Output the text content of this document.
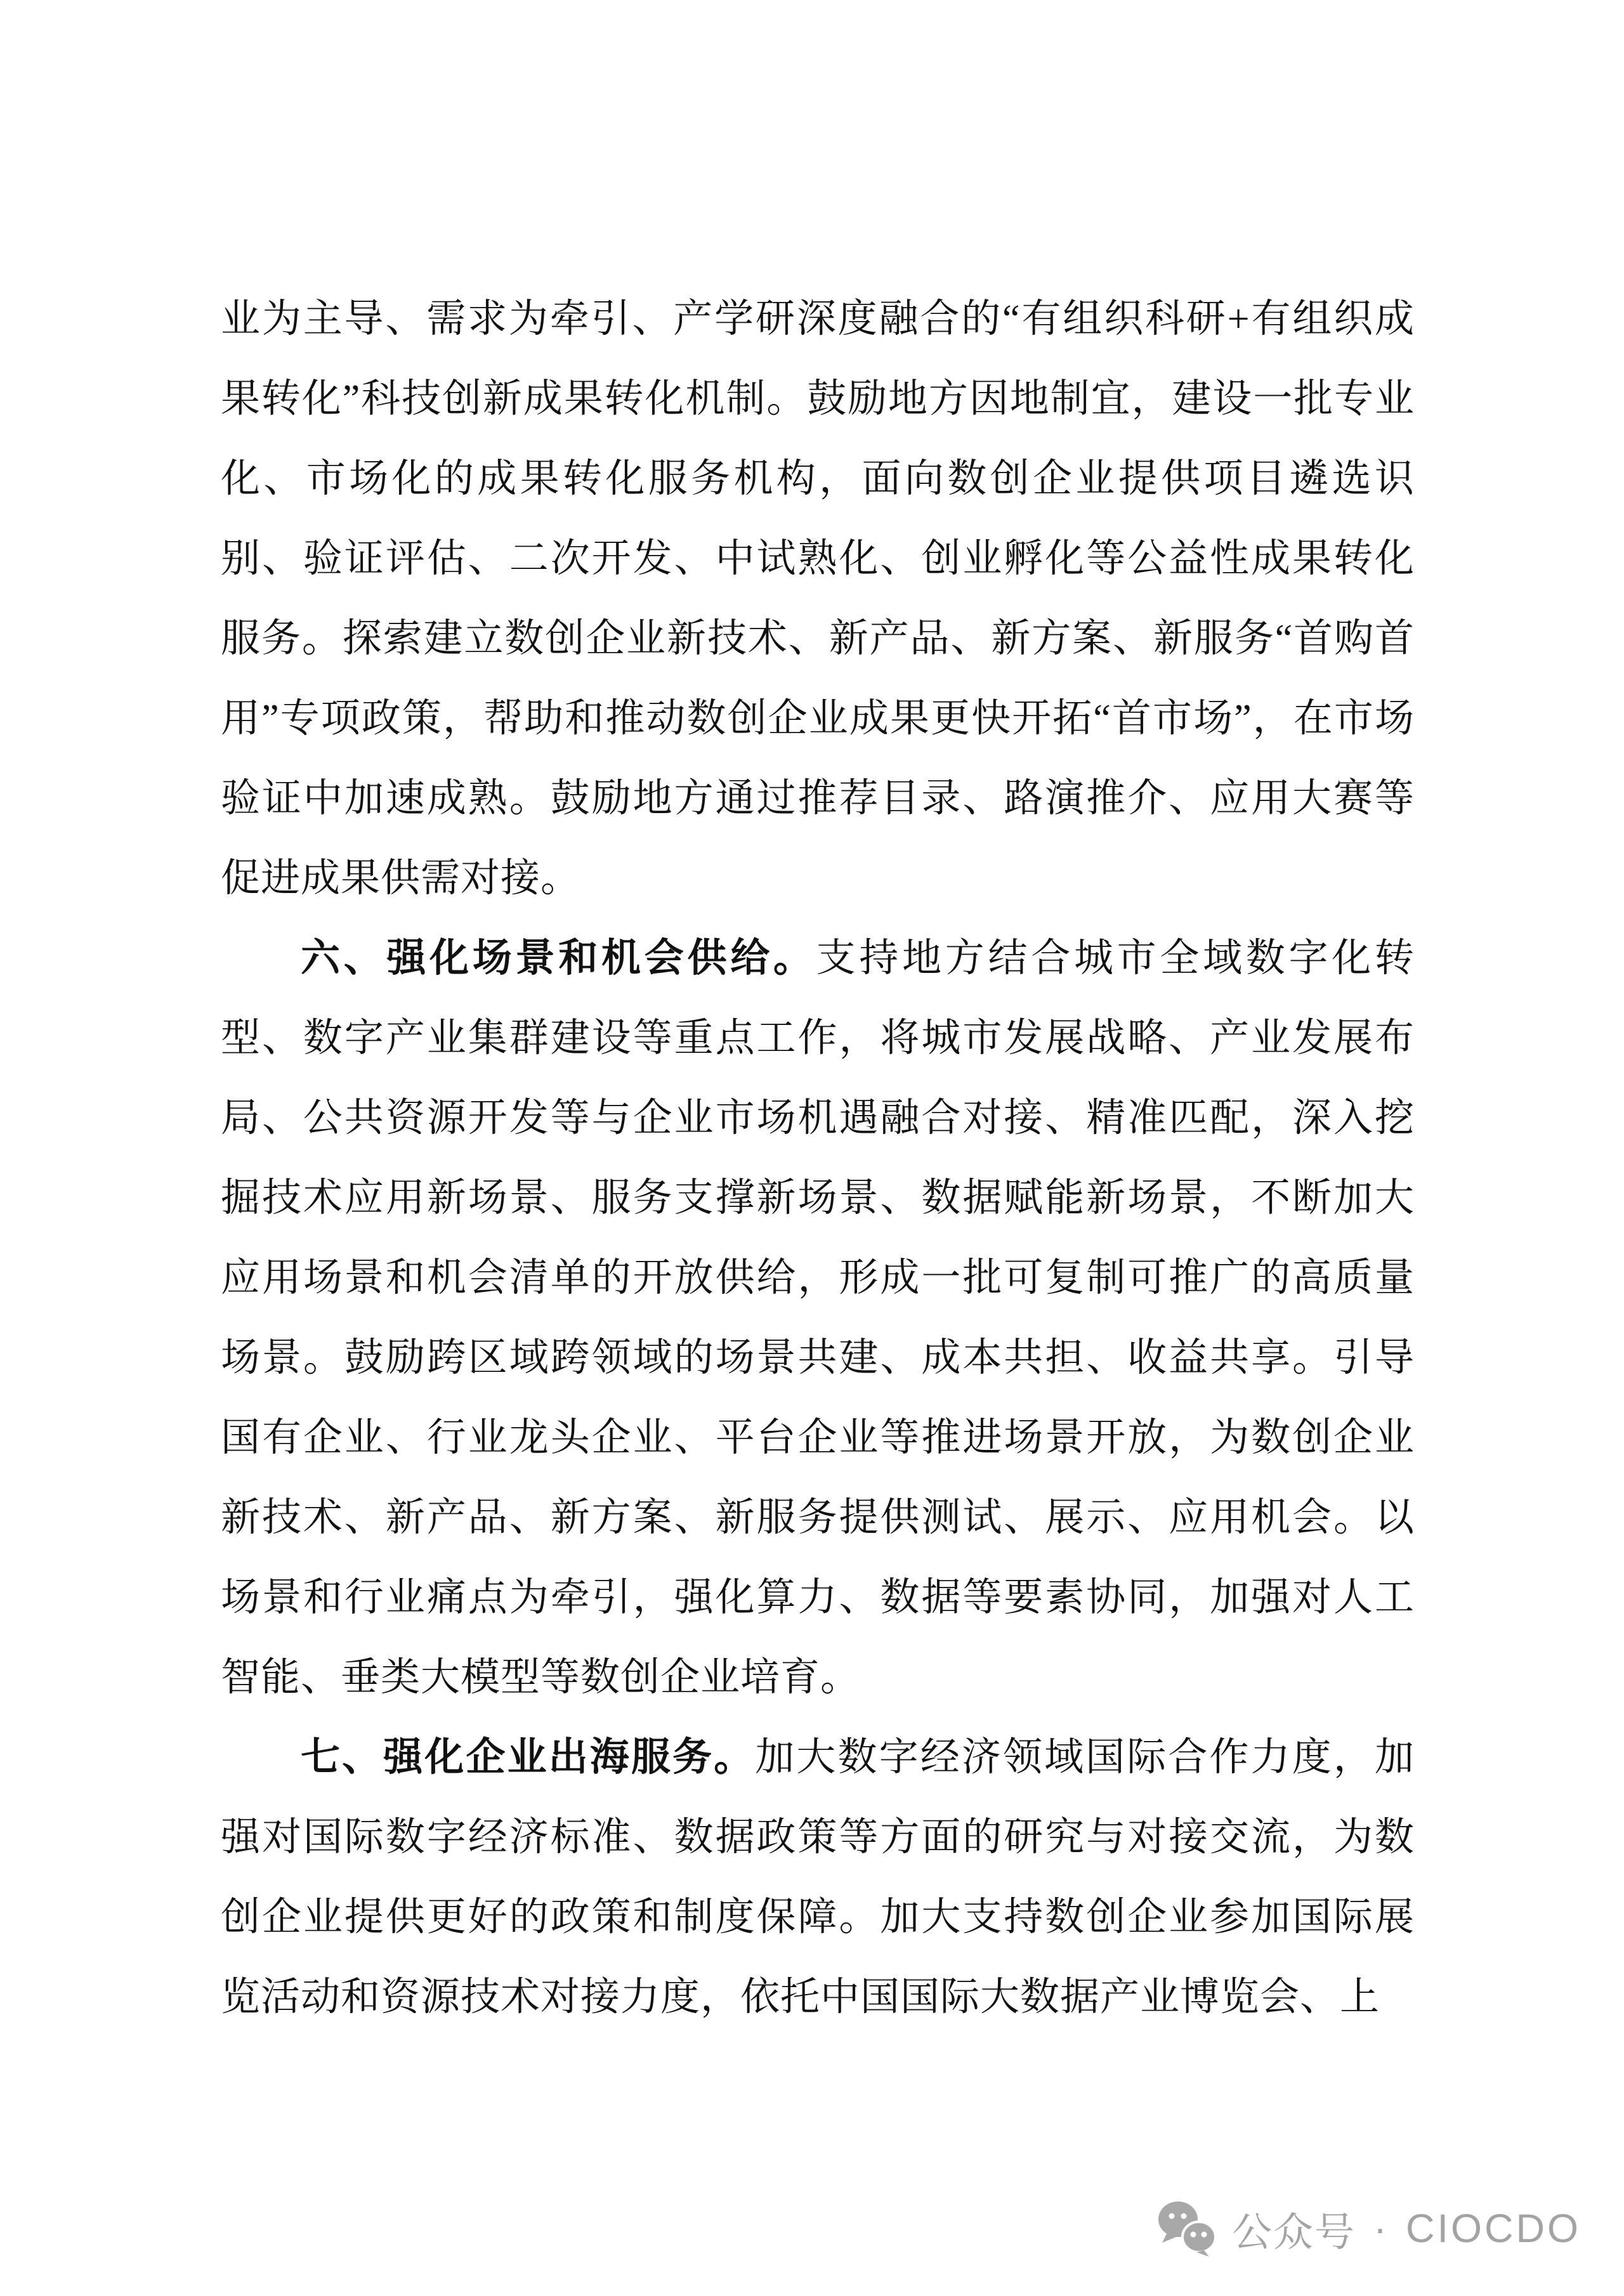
业为主导、需求为牵引、产学研深度融合的“有组织科研+有组织成果转化”科技创新成果转化机制。鼓励地方因地制宜，建设一批专业化、市场化的成果转化服务机构，面向数创企业提供项目遴选识别、验证评估、二次开发、中试熟化、创业孵化等公益性成果转化服务。探索建立数创企业新技术、新产品、新方案、新服务“首购首用”专项政策，帮助和推动数创企业成果更快开拓“首市场”，在市场验证中加速成熟。鼓励地方通过推荐目录、路演推介、应用大赛等促进成果供需对接。

六、强化场景和机会供给。支持地方结合城市全域数字化转型、数字产业集群建设等重点工作，将城市发展战略、产业发展布局、公共资源开发等与企业市场机遇融合对接、精准匹配，深入挖掘技术应用新场景、服务支撑新场景、数据赋能新场景，不断加大应用场景和机会清单的开放供给，形成一批可复制可推广的高质量场景。鼓励跨区域跨领域的场景共建、成本共担、收益共享。引导国有企业、行业龙头企业、平台企业等推进场景开放，为数创企业新技术、新产品、新方案、新服务提供测试、展示、应用机会。以场景和行业痛点为牵引，强化算力、数据等要素协同，加强对人工智能、垂类大模型等数创企业培育。

七、强化企业出海服务。加大数字经济领域国际合作力度，加强对国际数字经济标准、数据政策等方面的研究与对接交流，为数创企业提供更好的政策和制度保障。加大支持数创企业参加国际展览活动和资源技术对接力度，依托中国国际大数据产业博览会、上

公众号 · CIOCDO
